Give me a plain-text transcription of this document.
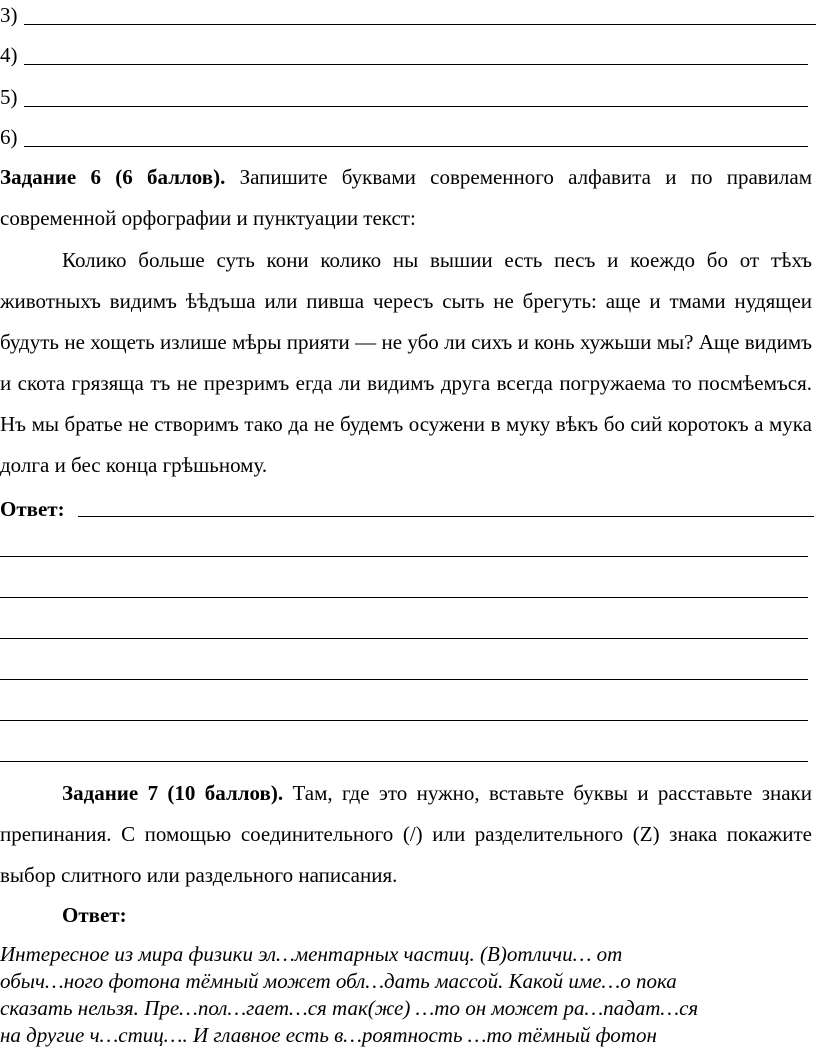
3)
4)
5)
6)
Задание 6 (6 баллов). Запишите буквами современного алфавита и по правилам современной орфографии и пунктуации текст:
Колико больше суть кони колико ны вышии есть песъ и коеждо бо от тѣхъ животныхъ видимъ ѣѣдъша или пивша чересъ сыть не брегуть: аще и тмами нудящеи будуть не хощеть излише мѣры прияти — не убо ли сихъ и конь хужьши мы? Аще видимъ и скота грязяща тъ не презримъ егда ли видимъ друга всегда погружаема то посмѣемъся. Нъ мы братье не створимъ тако да не будемъ осужени в муку вѣкъ бо сий коротокъ а мука долга и бес конца грѣшьному.
Ответ:
Задание 7 (10 баллов). Там, где это нужно, вставьте буквы и расставьте знаки препинания. С помощью соединительного (/) или разделительного (Z) знака покажите выбор слитного или раздельного написания.
Ответ:
Интересное из мира физики эл…ментарных частиц. (В)отличи… от
обыч…ного фотона тёмный может обл…дать массой. Какой име…о пока
сказать нельзя. Пре…пол…гает…ся так(же) …то он может ра…падат…ся
на другие ч…стиц…. И главное есть в…роятность …то тёмный фотон
